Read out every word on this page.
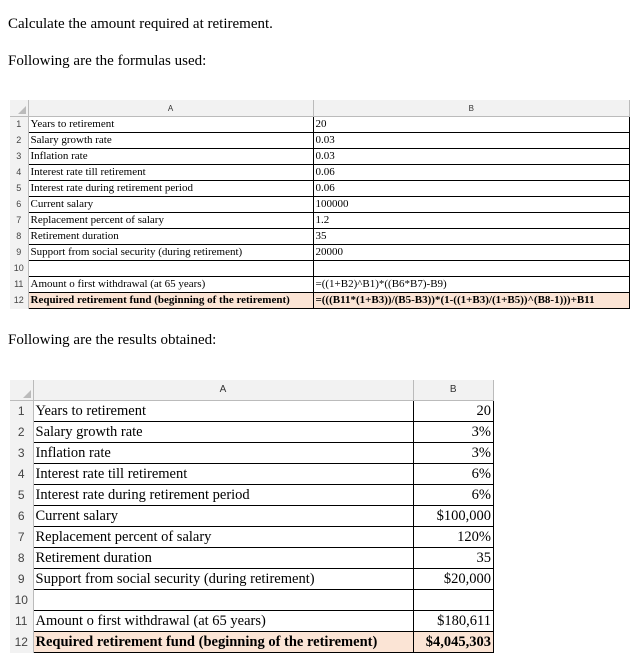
Calculate the amount required at retirement.
Following are the formulas used:
	A	B
1	Years to retirement	20
2	Salary growth rate	0.03
3	Inflation rate	0.03
4	Interest rate till retirement	0.06
5	Interest rate during retirement period	0.06
6	Current salary	100000
7	Replacement percent of salary	1.2
8	Retirement duration	35
9	Support from social security (during retirement)	20000
10		
11	Amount o first withdrawal (at 65 years)	=((1+B2)^B1)*((B6*B7)-B9)
12	Required retirement fund (beginning of the retirement)	=(((B11*(1+B3))/(B5-B3))*(1-((1+B3)/(1+B5))^(B8-1)))+B11
Following are the results obtained:
	A	B
1	Years to retirement	20
2	Salary growth rate	3%
3	Inflation rate	3%
4	Interest rate till retirement	6%
5	Interest rate during retirement period	6%
6	Current salary	$100,000
7	Replacement percent of salary	120%
8	Retirement duration	35
9	Support from social security (during retirement)	$20,000
10		
11	Amount o first withdrawal (at 65 years)	$180,611
12	Required retirement fund (beginning of the retirement)	$4,045,303
